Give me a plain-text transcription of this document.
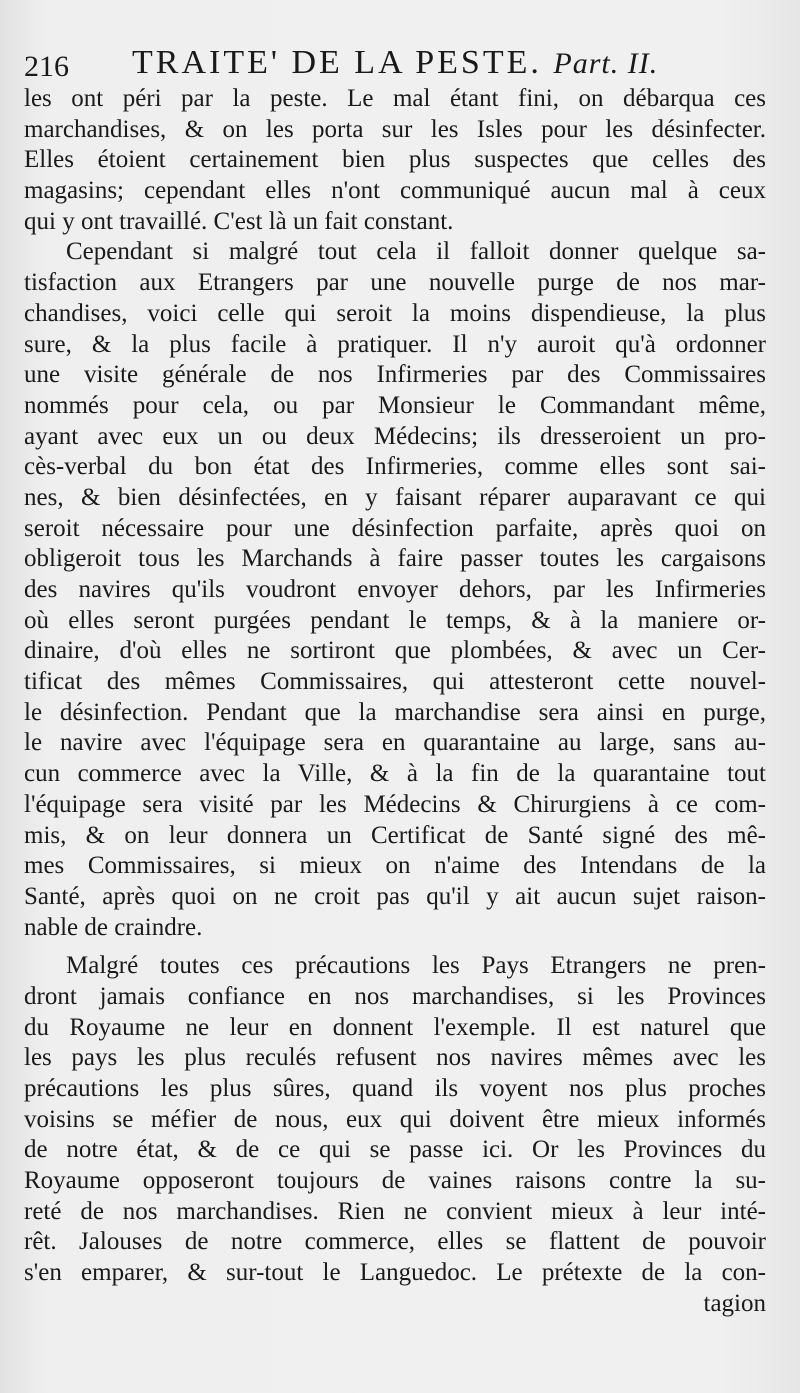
216 TRAITE' DE LA PESTE. Part. II.
les ont péri par la peste. Le mal étant fini, on débarqua ces
marchandises, & on les porta sur les Isles pour les désinfecter.
Elles étoient certainement bien plus suspectes que celles des
magasins; cependant elles n'ont communiqué aucun mal à ceux
qui y ont travaillé. C'est là un fait constant.
Cependant si malgré tout cela il falloit donner quelque sa-
tisfaction aux Etrangers par une nouvelle purge de nos mar-
chandises, voici celle qui seroit la moins dispendieuse, la plus
sure, & la plus facile à pratiquer. Il n'y auroit qu'à ordonner
une visite générale de nos Infirmeries par des Commissaires
nommés pour cela, ou par Monsieur le Commandant même,
ayant avec eux un ou deux Médecins; ils dresseroient un pro-
cès-verbal du bon état des Infirmeries, comme elles sont sai-
nes, & bien désinfectées, en y faisant réparer auparavant ce qui
seroit nécessaire pour une désinfection parfaite, après quoi on
obligeroit tous les Marchands à faire passer toutes les cargaisons
des navires qu'ils voudront envoyer dehors, par les Infirmeries
où elles seront purgées pendant le temps, & à la maniere or-
dinaire, d'où elles ne sortiront que plombées, & avec un Cer-
tificat des mêmes Commissaires, qui attesteront cette nouvel-
le désinfection. Pendant que la marchandise sera ainsi en purge,
le navire avec l'équipage sera en quarantaine au large, sans au-
cun commerce avec la Ville, & à la fin de la quarantaine tout
l'équipage sera visité par les Médecins & Chirurgiens à ce com-
mis, & on leur donnera un Certificat de Santé signé des mê-
mes Commissaires, si mieux on n'aime des Intendans de la
Santé, après quoi on ne croit pas qu'il y ait aucun sujet raison-
nable de craindre.
Malgré toutes ces précautions les Pays Etrangers ne pren-
dront jamais confiance en nos marchandises, si les Provinces
du Royaume ne leur en donnent l'exemple. Il est naturel que
les pays les plus reculés refusent nos navires mêmes avec les
précautions les plus sûres, quand ils voyent nos plus proches
voisins se méfier de nous, eux qui doivent être mieux informés
de notre état, & de ce qui se passe ici. Or les Provinces du
Royaume opposeront toujours de vaines raisons contre la su-
reté de nos marchandises. Rien ne convient mieux à leur inté-
rêt. Jalouses de notre commerce, elles se flattent de pouvoir
s'en emparer, & sur-tout le Languedoc. Le prétexte de la con-
tagion
